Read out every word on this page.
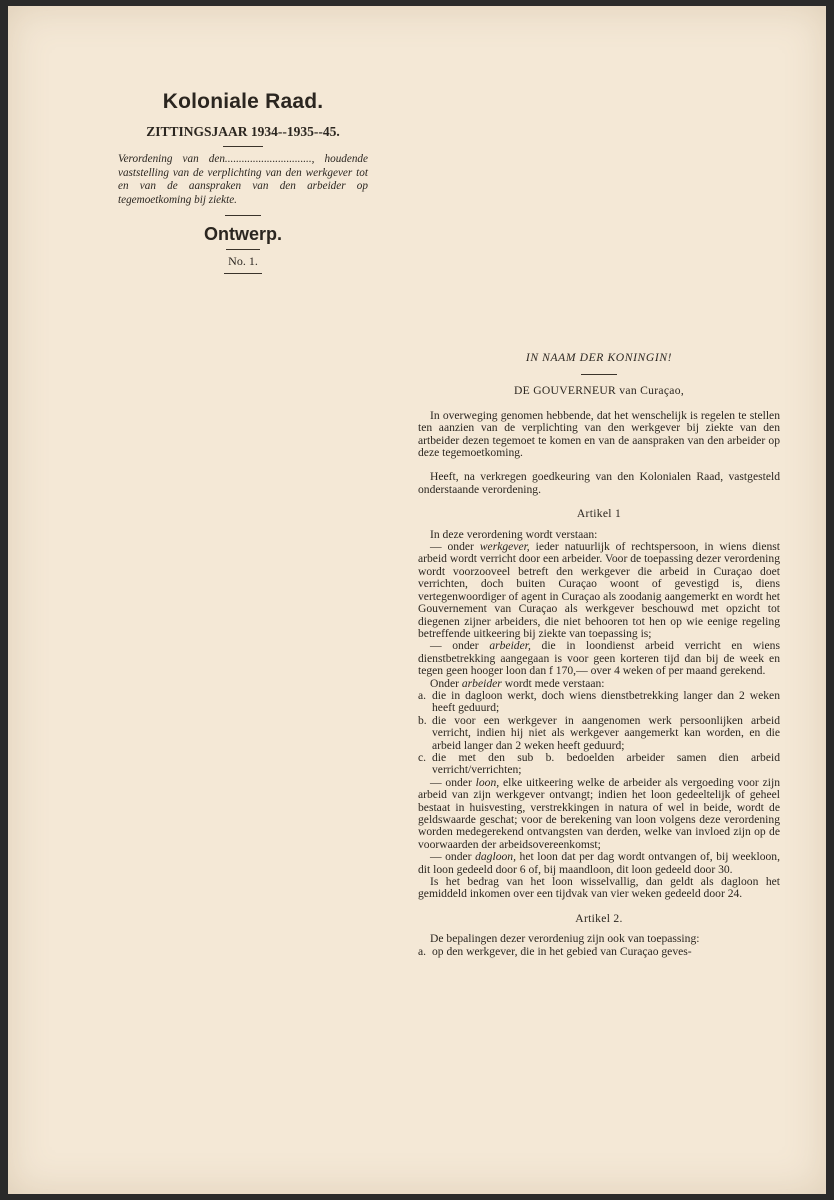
Koloniale Raad.
ZITTINGSJAAR 1934--1935--45.
Verordening van den..............................., houdende vaststelling van de verplichting van den werkgever tot en van de aanspraken van den arbeider op tegemoetkoming bij ziekte.
Ontwerp.
No. 1.
IN NAAM DER KONINGIN!
DE GOUVERNEUR van Curaçao,

In overweging genomen hebbende, dat het wenschelijk is regelen te stellen ten aanzien van de verplichting van den werkgever bij ziekte van den artbeider dezen tegemoet te komen en van de aanspraken van den arbeider op deze tegemoetkoming.

Heeft, na verkregen goedkeuring van den Kolonialen Raad, vastgesteld onderstaande verordening.

Artikel 1

In deze verordening wordt verstaan:

— onder werkgever, ieder natuurlijk of rechtspersoon, in wiens dienst arbeid wordt verricht door een arbeider. Voor de toepassing dezer verordening wordt voorzooveel betreft den werkgever die arbeid in Curaçao doet verrichten, doch buiten Curaçao woont of gevestigd is, diens vertegenwoordiger of agent in Curaçao als zoodanig aangemerkt en wordt het Gouvernement van Curaçao als werkgever beschouwd met opzicht tot diegenen zijner arbeiders, die niet behooren tot hen op wie eenige regeling betreffende uitkeering bij ziekte van toepassing is;

— onder arbeider, die in loondienst arbeid verricht en wiens dienstbetrekking aangegaan is voor geen korteren tijd dan bij de week en tegen geen hooger loon dan f 170,— over 4 weken of per maand gerekend.

Onder arbeider wordt mede verstaan:

a. die in dagloon werkt, doch wiens dienstbetrekking langer dan 2 weken heeft geduurd;
b. die voor een werkgever in aangenomen werk persoonlijken arbeid verricht, indien hij niet als werkgever aangemerkt kan worden, en die arbeid langer dan 2 weken heeft geduurd;
c. die met den sub b. bedoelden arbeider samen dien arbeid verricht/verrichten;

— onder loon, elke uitkeering welke de arbeider als vergoeding voor zijn arbeid van zijn werkgever ontvangt; indien het loon gedeeltelijk of geheel bestaat in huisvesting, verstrekkingen in natura of wel in beide, wordt de geldswaarde geschat; voor de berekening van loon volgens deze verordening worden medegerekend ontvangsten van derden, welke van invloed zijn op de voorwaarden der arbeidsovereenkomst;

— onder dagloon, het loon dat per dag wordt ontvangen of, bij weekloon, dit loon gedeeld door 6 of, bij maandloon, dit loon gedeeld door 30.

Is het bedrag van het loon wisselvallig, dan geldt als dagloon het gemiddeld inkomen over een tijdvak van vier weken gedeeld door 24.

Artikel 2.

De bepalingen dezer verordeniug zijn ook van toepassing:

a. op den werkgever, die in het gebied van Curaçao geves-
